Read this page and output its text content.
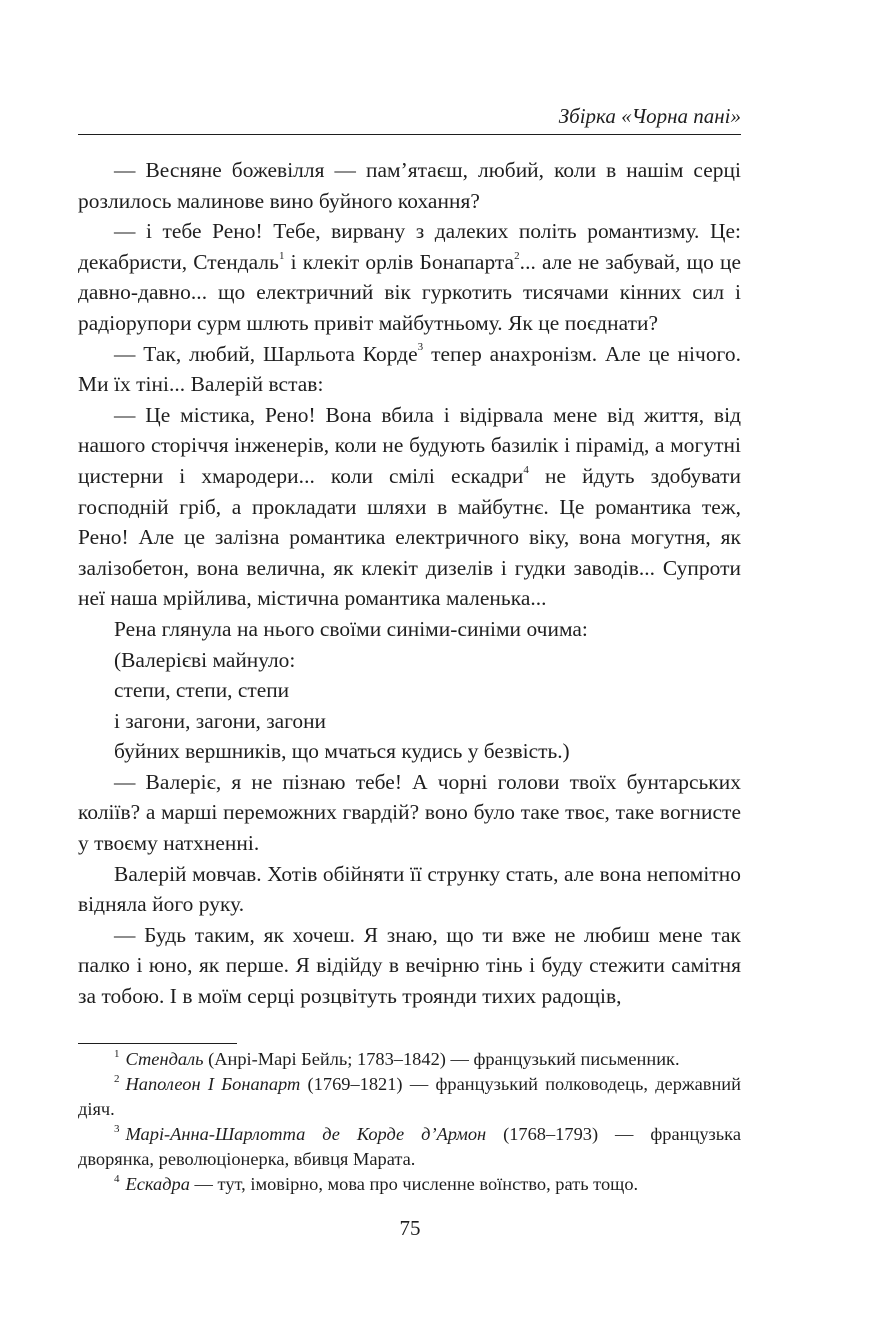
Збірка «Чорна пані»

— Весняне божевілля — пам’ятаєш, любий, коли в нашім серці розлилось малинове вино буйного кохання?

— і тебе Рено! Тебе, вирвану з далеких політь романтизму. Це: декабристи, Стендаль$^1$ і клекіт орлів Бонапарта$^2$... але не забувай, що це давно-давно... що електричний вік гуркотить тисячами кінних сил і радіорупори сурм шлють привіт майбутньому. Як це поєднати?

— Так, любий, Шарльота Корде$^3$ тепер анахронізм. Але це нічого. Ми їх тіні... Валерій встав:

— Це містика, Рено! Вона вбила і відірвала мене від життя, від нашого сторіччя інженерів, коли не будують базилік і пірамід, а могутні цистерни і хмародери... коли смілі ескадри$^4$ не йдуть здобувати господній гріб, а прокладати шляхи в майбутнє. Це романтика теж, Рено! Але це залізна романтика електричного віку, вона могутня, як залізобетон, вона велична, як клекіт дизелів і гудки заводів... Супроти неї наша мрійлива, містична романтика маленька...

Рена глянула на нього своїми синіми-синіми очима:

(Валерієві майнуло:

степи, степи, степи

і загони, загони, загони

буйних вершників, що мчаться кудись у безвість.)

— Валеріє, я не пізнаю тебе! А чорні голови твоїх бунтарських коліїв? а марші переможних гвардій? воно було таке твоє, таке вогнисте у твоєму натхненні.

Валерій мовчав. Хотів обійняти її струнку стать, але вона непомітно відняла його руку.

— Будь таким, як хочеш. Я знаю, що ти вже не любиш мене так палко і юно, як перше. Я відійду в вечірню тінь і буду стежити самітня за тобою. І в моїм серці розцвітуть троянди тихих радощів,

$^1$ Стендаль (Анрі-Марі Бейль; 1783–1842) — французький письменник.

$^2$ Наполеон І Бонапарт (1769–1821) — французький полководець, державний діяч.

$^3$ Марі-Анна-Шарлотта де Корде д’Армон (1768–1793) — французька дворянка, революціонерка, вбивця Марата.

$^4$ Ескадра — тут, імовірно, мова про численне воїнство, рать тощо.

75
